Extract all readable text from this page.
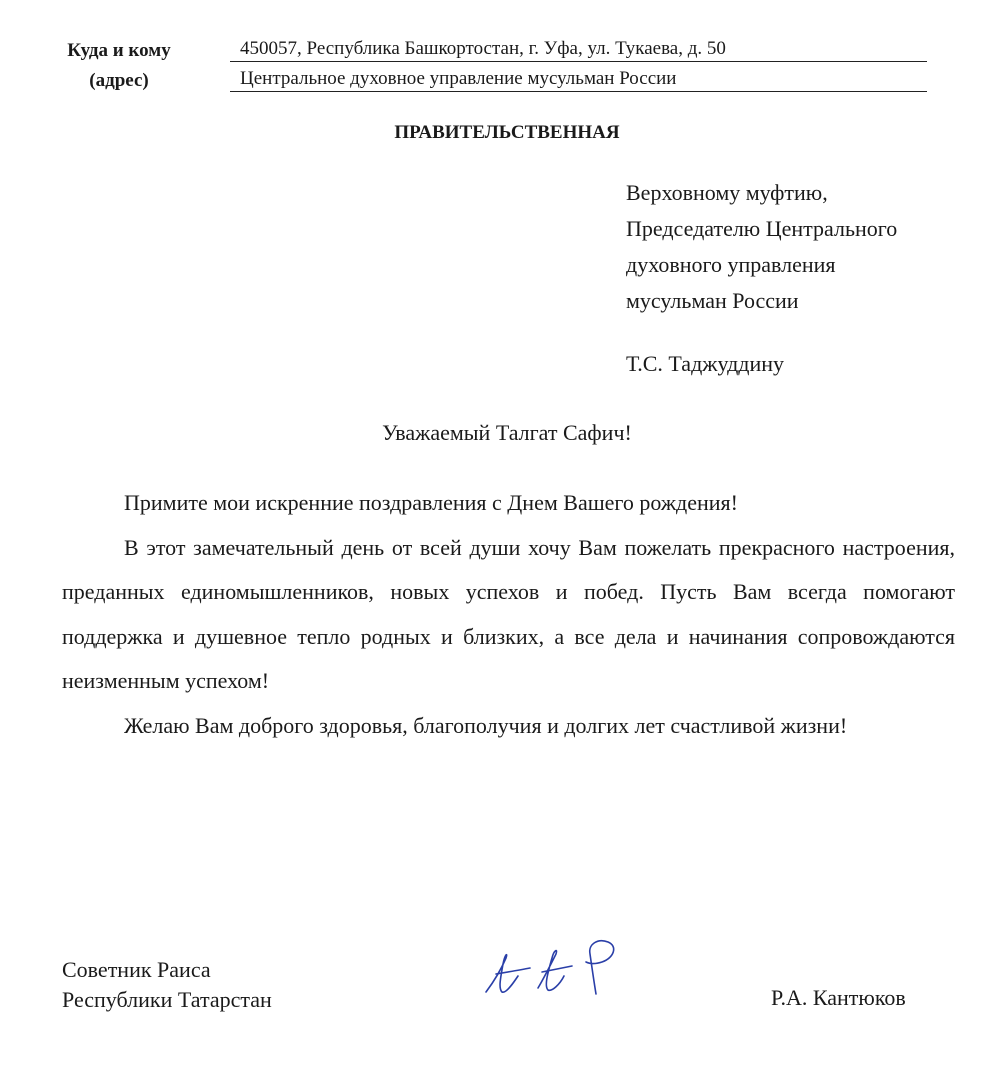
Куда и кому
(адрес)
450057, Республика Башкортостан, г. Уфа, ул. Тукаева, д. 50
Центральное духовное управление мусульман России
ПРАВИТЕЛЬСТВЕННАЯ
Верховному муфтию,
Председателю Центрального
духовного управления
мусульман России
Т.С. Таджуддину
Уважаемый Талгат Сафич!

Примите мои искренние поздравления с Днем Вашего рождения!

В этот замечательный день от всей души хочу Вам пожелать прекрасного настроения, преданных единомышленников, новых успехов и побед. Пусть Вам всегда помогают поддержка и душевное тепло родных и близких, а все дела и начинания сопровождаются неизменным успехом!

Желаю Вам доброго здоровья, благополучия и долгих лет счастливой жизни!

Советник Раиса
Республики Татарстан	Р.А. Кантюков
